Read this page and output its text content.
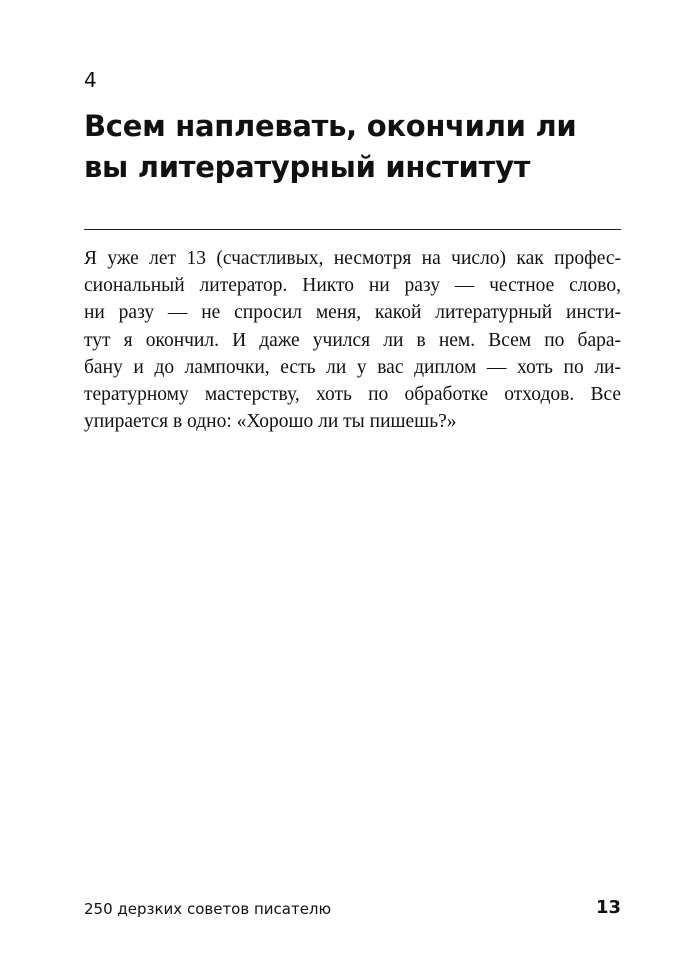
4
Всем наплевать, окончили ли
вы литературный институт
Я уже лет 13 (счастливых, несмотря на число) как профес-
сиональный литератор. Никто ни разу — честное слово,
ни разу — не спросил меня, какой литературный инсти-
тут я окончил. И даже учился ли в нем. Всем по бара-
бану и до лампочки, есть ли у вас диплом — хоть по ли-
тературному мастерству, хоть по обработке отходов. Все
упирается в одно: «Хорошо ли ты пишешь?»
250 дерзких советов писателю	13
